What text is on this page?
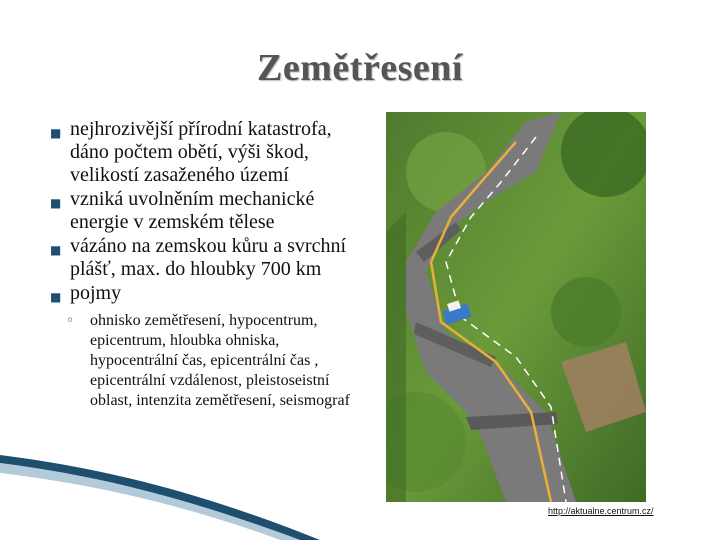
Zemětřesení
■ nejhrozivější přírodní katastrofa, dáno počtem obětí, výši škod, velikostí zasaženého území
■ vzniká uvolněním mechanické energie v zemském tělese
■ vázáno na zemskou kůru a svrchní plášť, max. do hloubky 700 km
■ pojmy
◦ ohnisko zemětřesení, hypocentrum, epicentrum, hloubka ohniska, hypocentrální čas, epicentrální čas , epicentrální vzdálenost, pleistoseistní oblast, intenzita zemětřesení, seismograf
http://aktualne.centrum.cz/
